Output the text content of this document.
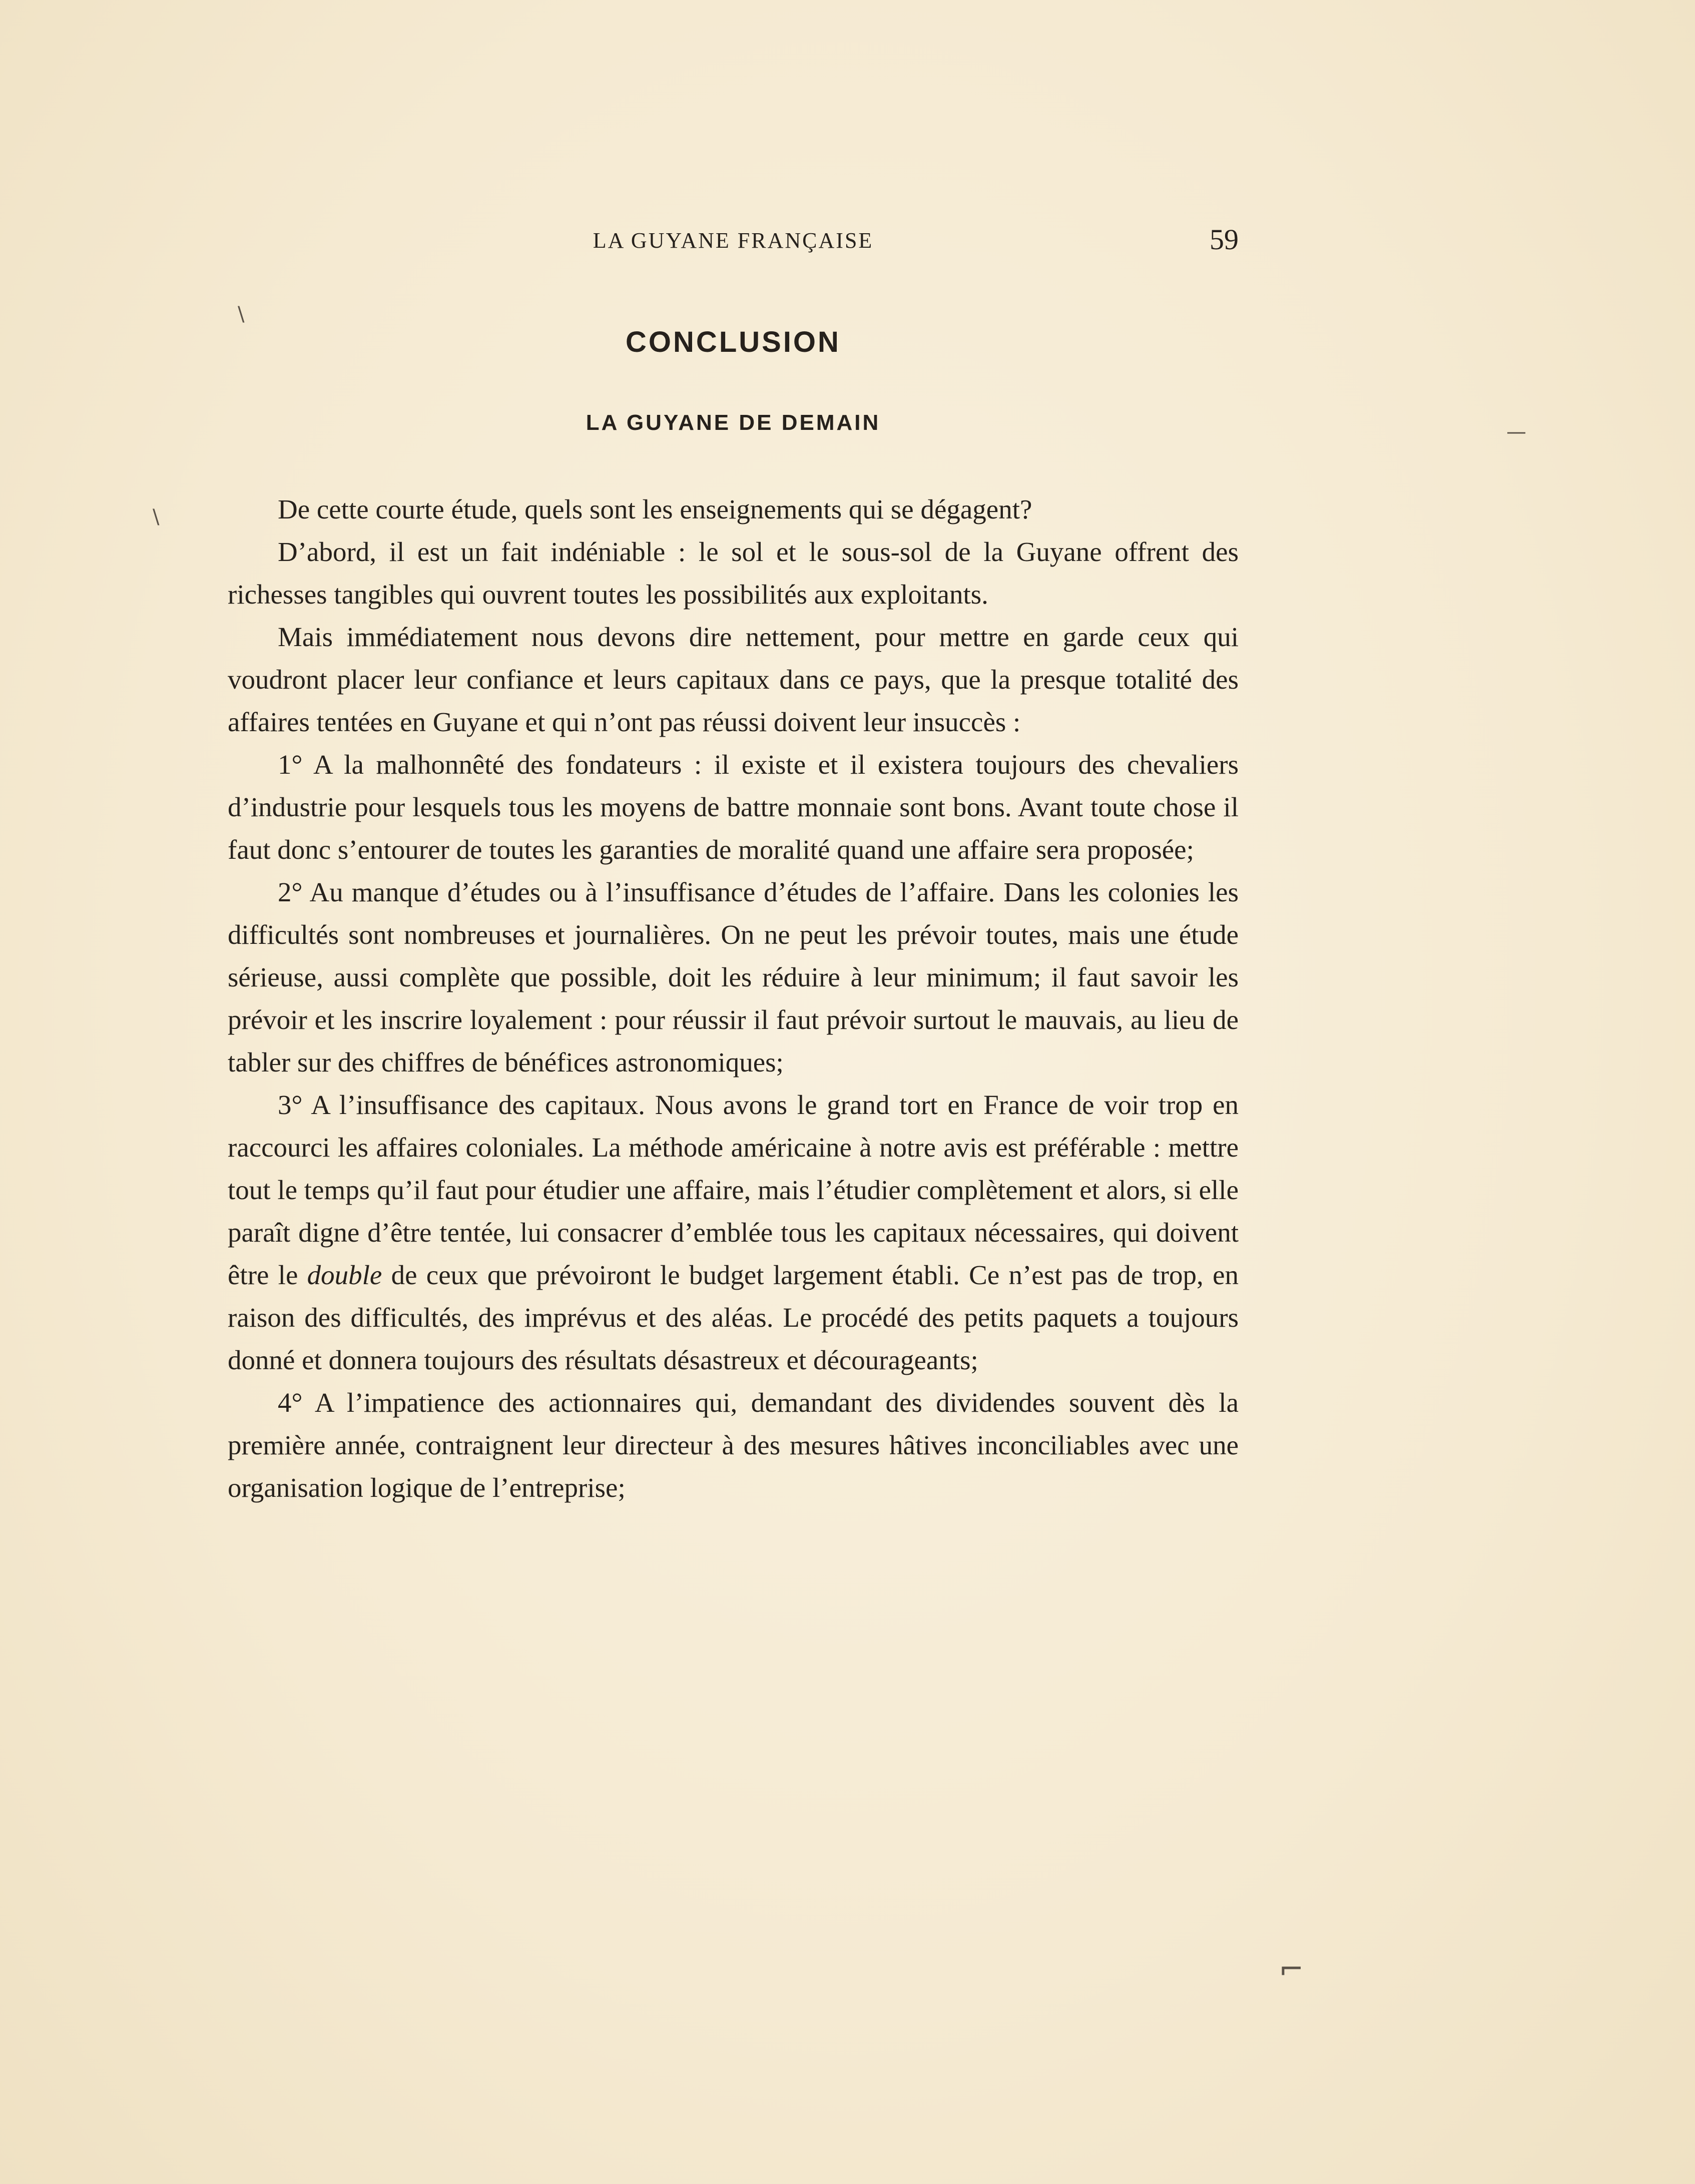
LA GUYANE FRANÇAISE	59
CONCLUSION
LA GUYANE DE DEMAIN

De cette courte étude, quels sont les enseignements qui se dégagent?

D’abord, il est un fait indéniable : le sol et le sous-sol de la Guyane offrent des richesses tangibles qui ouvrent toutes les possibilités aux exploitants.

Mais immédiatement nous devons dire nettement, pour mettre en garde ceux qui voudront placer leur confiance et leurs capitaux dans ce pays, que la presque totalité des affaires tentées en Guyane et qui n’ont pas réussi doivent leur insuccès :

1° A la malhonnêté des fondateurs : il existe et il existera toujours des chevaliers d’industrie pour lesquels tous les moyens de battre monnaie sont bons. Avant toute chose il faut donc s’entourer de toutes les garanties de moralité quand une affaire sera proposée;

2° Au manque d’études ou à l’insuffisance d’études de l’affaire. Dans les colonies les difficultés sont nombreuses et journalières. On ne peut les prévoir toutes, mais une étude sérieuse, aussi complète que possible, doit les réduire à leur minimum; il faut savoir les prévoir et les inscrire loyalement : pour réussir il faut prévoir surtout le mauvais, au lieu de tabler sur des chiffres de bénéfices astronomiques;

3° A l’insuffisance des capitaux. Nous avons le grand tort en France de voir trop en raccourci les affaires coloniales. La méthode américaine à notre avis est préférable : mettre tout le temps qu’il faut pour étudier une affaire, mais l’étudier complètement et alors, si elle paraît digne d’être tentée, lui consacrer d’emblée tous les capitaux nécessaires, qui doivent être le double de ceux que prévoiront le budget largement établi. Ce n’est pas de trop, en raison des difficultés, des imprévus et des aléas. Le procédé des petits paquets a toujours donné et donnera toujours des résultats désastreux et décourageants;

4° A l’impatience des actionnaires qui, demandant des dividendes souvent dès la première année, contraignent leur directeur à des mesures hâtives inconciliables avec une organisation logique de l’entreprise;

\
\
—
⌐
